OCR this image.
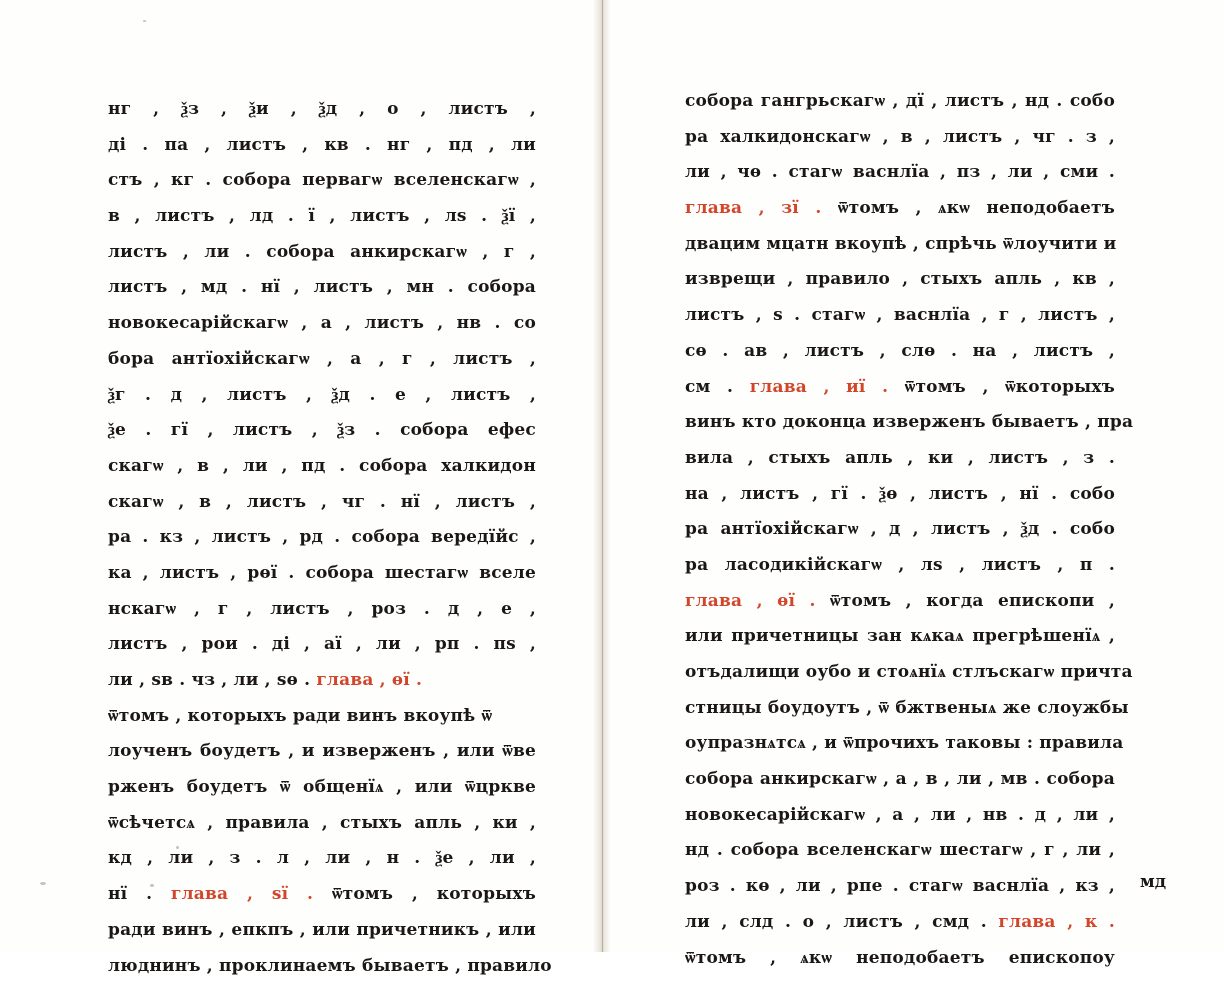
нг , ѯз , ѯи , ѯд , о , листъ ,
ді . па , листъ , кв . нг , пд , ли
стъ , кг . собора первагѡ вселенскагѡ ,
в , листъ , лд . ї , листъ , лѕ . ѯї ,
листъ , ли . собора анкирскагѡ , г ,
листъ , мд . нї , листъ , мн . собора
новокесарійскагѡ , а , листъ , нв . со
бора антїохійскагѡ , а , г , листъ ,
ѯг . д , листъ , ѯд . е , листъ ,
ѯе . гї , листъ , ѯз . собора ефес
скагѡ , в , ли , пд . собора халкидон
скагѡ , в , листъ , чг . нї , листъ ,
ра . кз , листъ , рд . собора вередїйс ,
ка , листъ , рѳї . собора шестагѡ вселе
нскагѡ , г , листъ , роз . д , е ,
листъ , рои . ді , аї , ли , рп . пѕ ,
ли , ѕв . чз , ли , ѕѳ . глава , ѳї .
ѿтомъ , которыхъ ради винъ вкоупѣ ѿ
лоученъ боудетъ , и изверженъ , или ѿве
рженъ боудетъ ѿ общенїѧ , или ѿцркве
ѿсѣчетсѧ , правила , стыхъ апль , ки ,
кд , ли , з . л , ли , н . ѯе , ли ,
нї . глава , ѕї . ѿтомъ , которыхъ
ради винъ , епкпъ , или причетникъ , или
люднинъ , проклинаемъ бываетъ , правило
собора гангрьскагѡ , дї , листъ , нд . собо
ра халкидонскагѡ , в , листъ , чг . з ,
ли , чѳ . стагѡ васнлїа , пз , ли , сми .
глава , зї . ѿтомъ , ѧкѡ неподобаетъ
двацим мцатн вкоупѣ , спрѣчь ѿлоучити и
изврещи , правило , стыхъ апль , кв ,
листъ , ѕ . стагѡ , васнлїа , г , листъ ,
сѳ . ав , листъ , слѳ . на , листъ ,
см . глава , иї . ѿтомъ , ѿкоторыхъ
винъ кто доконца изверженъ бываетъ , пра
вила , стыхъ апль , ки , листъ , з .
на , листъ , гї . ѯѳ , листъ , нї . собо
ра антїохійскагѡ , д , листъ , ѯд . собо
ра ласодикійскагѡ , лѕ , листъ , п .
глава , ѳї . ѿтомъ , когда епископи ,
или причетницы зан кѧкаѧ прегрѣшенїѧ ,
отъдалищи оубо и стоѧнїѧ стлъскагѡ причта
стницы боудоутъ , ѿ бжтвеныѧ же слоужбы
оупразнѧтсѧ , и ѿпрочихъ таковы : правила
собора анкирскагѡ , а , в , ли , мв . собора
новокесарійскагѡ , а , ли , нв . д , ли ,
нд . собора вселенскагѡ шестагѡ , г , ли ,
роз . кѳ , ли , рпе . стагѡ васнлїа , кз ,
ли , слд . о , листъ , смд . глава , к .
ѿтомъ , ѧкѡ неподобаетъ епископоу
мд
